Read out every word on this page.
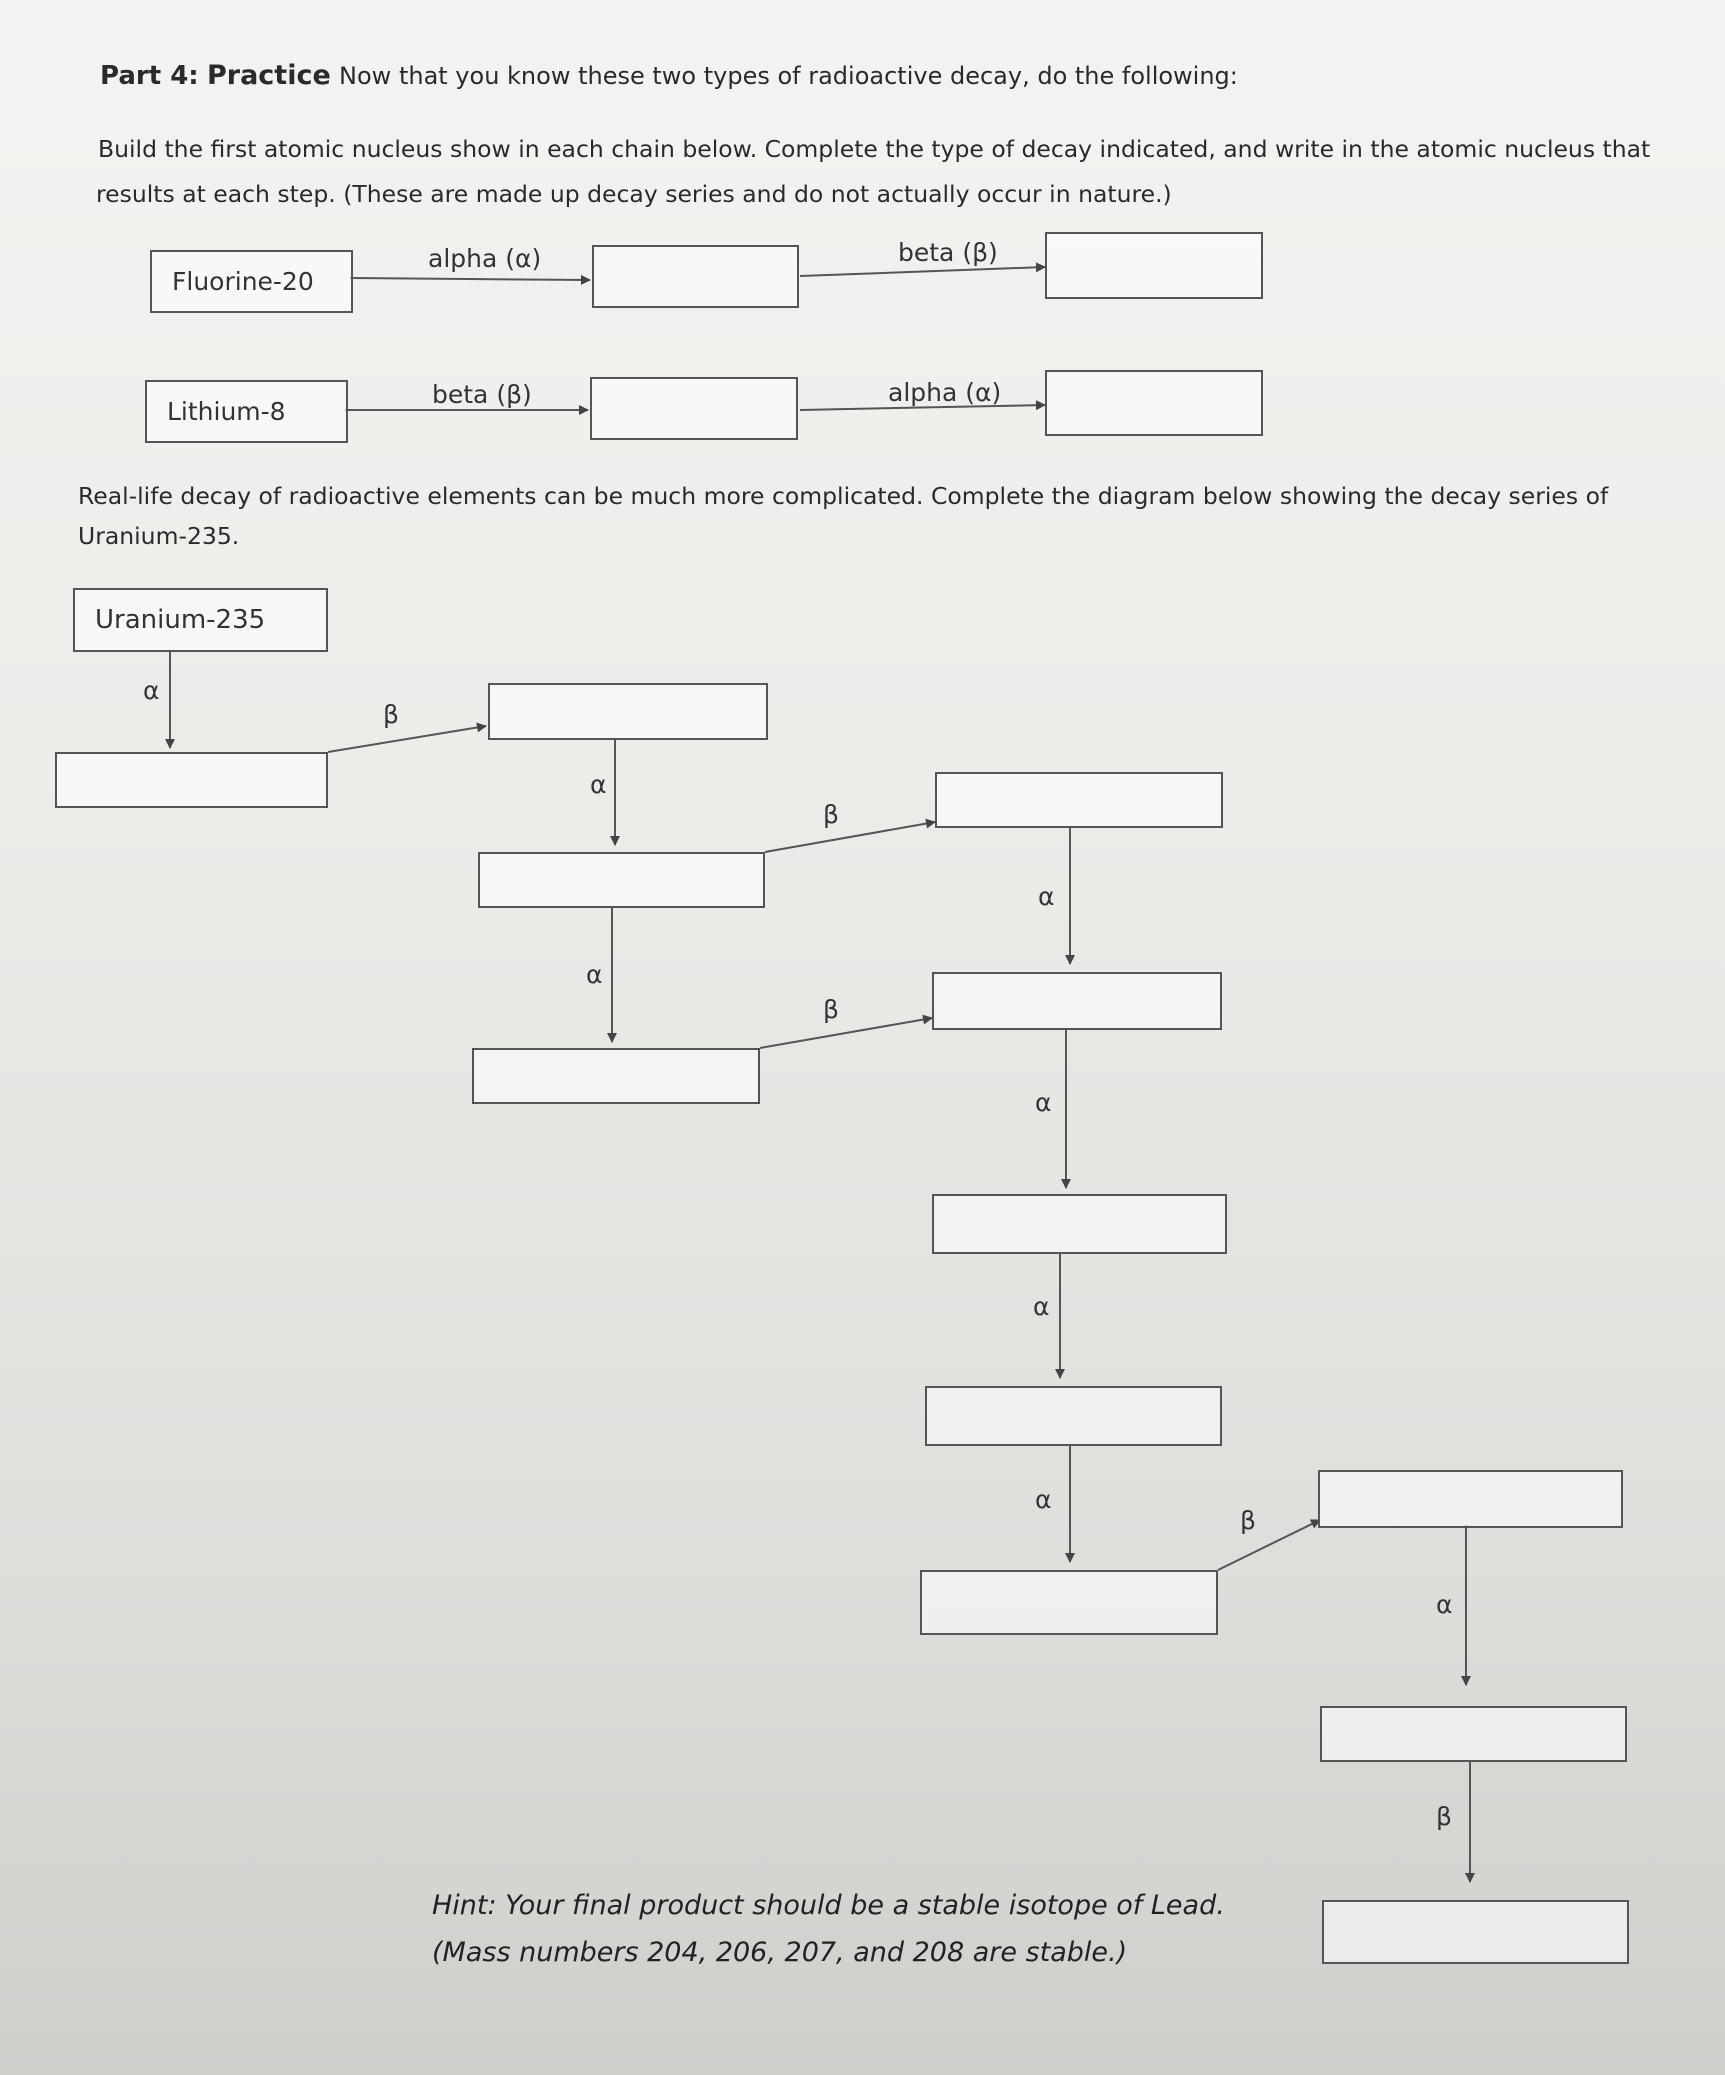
Part 4: Practice Now that you know these two types of radioactive decay, do the following:
Build the first atomic nucleus show in each chain below. Complete the type of decay indicated, and write in the atomic nucleus that
results at each step. (These are made up decay series and do not actually occur in nature.)
Fluorine-20
alpha (α)	beta (β)
Lithium-8
beta (β)	alpha (α)
Real-life decay of radioactive elements can be much more complicated. Complete the diagram below showing the decay series of
Uranium-235.
Uranium-235
α
β
α
β
α
α
β
α
α
α
β
α
β
Hint: Your final product should be a stable isotope of Lead.
(Mass numbers 204, 206, 207, and 208 are stable.)
